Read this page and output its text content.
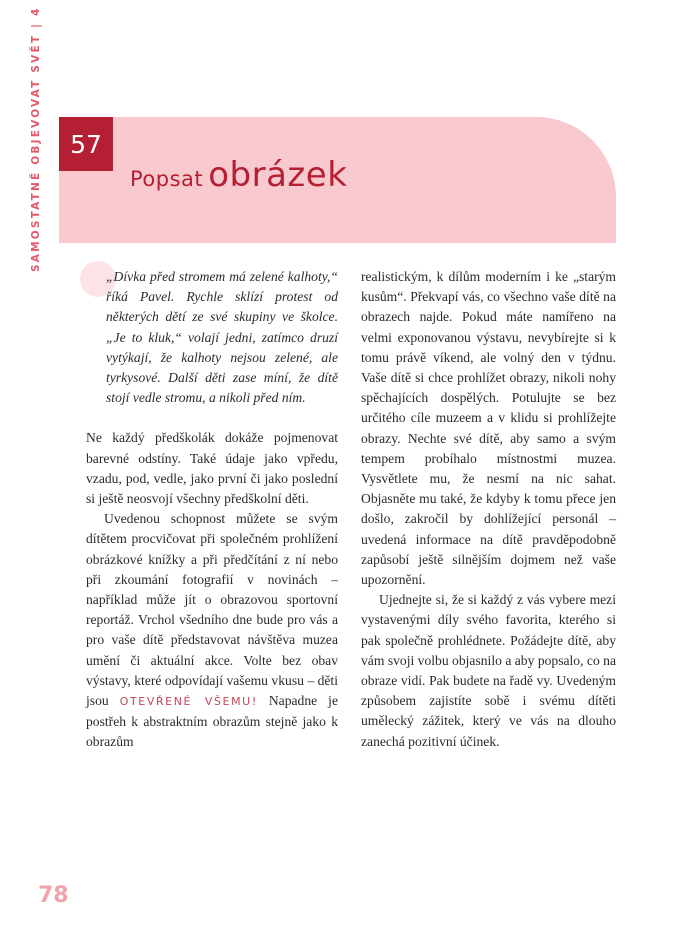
SAMOSTATNĚ OBJEVOVAT SVĚT | 4 57
Popsat obrázek

„Dívka před stromem má zelené kalhoty,“ říká Pavel. Rychle sklízí protest od některých dětí ze své skupiny ve školce. „Je to kluk,“ volají jedni, zatímco druzí vytýkají, že kalhoty nejsou zelené, ale tyrkysové. Další děti zase míní, že dítě stojí vedle stromu, a nikoli před ním.

Ne každý předškolák dokáže pojmenovat barevné odstíny. Také údaje jako vpředu, vzadu, pod, vedle, jako první či jako poslední si ještě neosvojí všechny předškolní děti.

Uvedenou schopnost můžete se svým dítětem procvičovat při společném prohlížení obrázkové knížky a při předčítání z ní nebo při zkoumání fotografií v novinách – například může jít o obrazovou sportovní reportáž. Vrchol všedního dne bude pro vás a pro vaše dítě představovat návštěva muzea umění či aktuální akce. Volte bez obav výstavy, které odpovídají vašemu vkusu – děti jsou OTEVŘENÉ VŠEMU! Napadne je postřeh k abstraktním obrazům stejně jako k obrazům

realistickým, k dílům moderním i ke „starým kusům“. Překvapí vás, co všechno vaše dítě na obrazech najde. Pokud máte namířeno na velmi exponovanou výstavu, nevybírejte si k tomu právě víkend, ale volný den v týdnu. Vaše dítě si chce prohlížet obrazy, nikoli nohy spěchajících dospělých. Potulujte se bez určitého cíle muzeem a v klidu si prohlížejte obrazy. Nechte své dítě, aby samo a svým tempem probíhalo místnostmi muzea. Vysvětlete mu, že nesmí na nic sahat. Objasněte mu také, že kdyby k tomu přece jen došlo, zakročil by dohlížející personál – uvedená informace na dítě pravděpodobně zapůsobí ještě silnějším dojmem než vaše upozornění.

Ujednejte si, že si každý z vás vybere mezi vystavenými díly svého favorita, kterého si pak společně prohlédnete. Požádejte dítě, aby vám svoji volbu objasnilo a aby popsalo, co na obraze vidí. Pak budete na řadě vy. Uvedeným způsobem zajistíte sobě i svému dítěti umělecký zážitek, který ve vás na dlouho zanechá pozitivní účinek.

78
